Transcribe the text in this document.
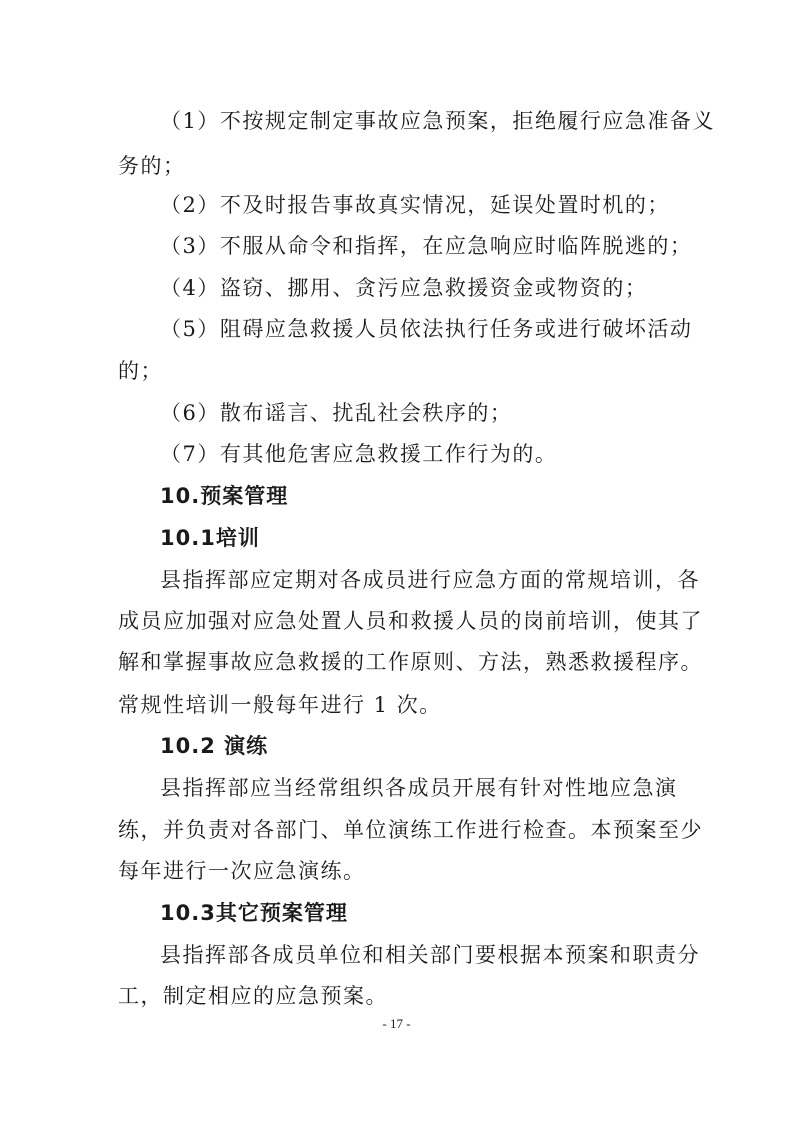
（1）不按规定制定事故应急预案，拒绝履行应急准备义
务的；
（2）不及时报告事故真实情况，延误处置时机的；
（3）不服从命令和指挥，在应急响应时临阵脱逃的；
（4）盗窃、挪用、贪污应急救援资金或物资的；
（5）阻碍应急救援人员依法执行任务或进行破坏活动
的；
（6）散布谣言、扰乱社会秩序的；
（7）有其他危害应急救援工作行为的。
10.预案管理
10.1培训
县指挥部应定期对各成员进行应急方面的常规培训，各
成员应加强对应急处置人员和救援人员的岗前培训，使其了
解和掌握事故应急救援的工作原则、方法，熟悉救援程序。
常规性培训一般每年进行 1 次。
10.2 演练
县指挥部应当经常组织各成员开展有针对性地应急演
练，并负责对各部门、单位演练工作进行检查。本预案至少
每年进行一次应急演练。
10.3其它预案管理
县指挥部各成员单位和相关部门要根据本预案和职责分
工，制定相应的应急预案。
- 17 -
